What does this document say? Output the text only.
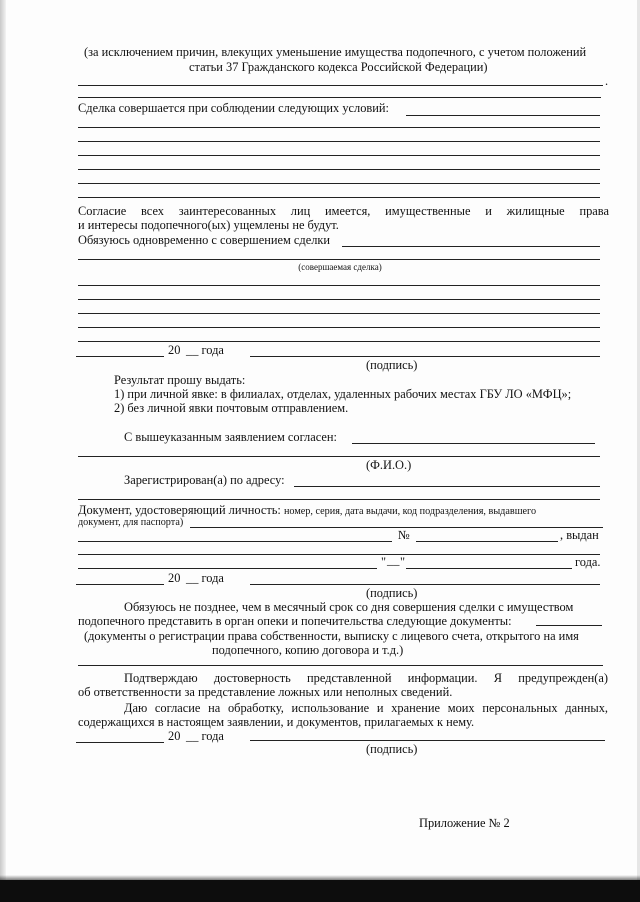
(за исключением причин, влекущих уменьшение имущества подопечного, с учетом положений
статьи 37 Гражданского кодекса Российской Федерации)
.
Сделка совершается при соблюдении следующих условий:
Согласие всех заинтересованных лиц имеется, имущественные и жилищные права
и интересы подопечного(ых) ущемлены не будут.
Обязуюсь одновременно с совершением сделки
(совершаемая сделка)
20 __ года
(подпись)
Результат прошу выдать:
1) при личной явке: в филиалах, отделах, удаленных рабочих местах ГБУ ЛО «МФЦ»;
2) без личной явки почтовым отправлением.
С вышеуказанным заявлением согласен:
(Ф.И.О.)
Зарегистрирован(а) по адресу:
Документ, удостоверяющий личность: номер, серия, дата выдачи, код подразделения, выдавшего
документ, для паспорта)
№	, выдан
" __ "	года.
20 __ года
(подпись)
Обязуюсь не позднее, чем в месячный срок со дня совершения сделки с имуществом
подопечного представить в орган опеки и попечительства следующие документы:
(документы о регистрации права собственности, выписку с лицевого счета, открытого на имя
подопечного, копию договора и т.д.)
Подтверждаю достоверность представленной информации. Я предупрежден(а)
об ответственности за представление ложных или неполных сведений.
Даю согласие на обработку, использование и хранение моих персональных данных,
содержащихся в настоящем заявлении, и документов, прилагаемых к нему.
20 __ года
(подпись)
Приложение № 2
